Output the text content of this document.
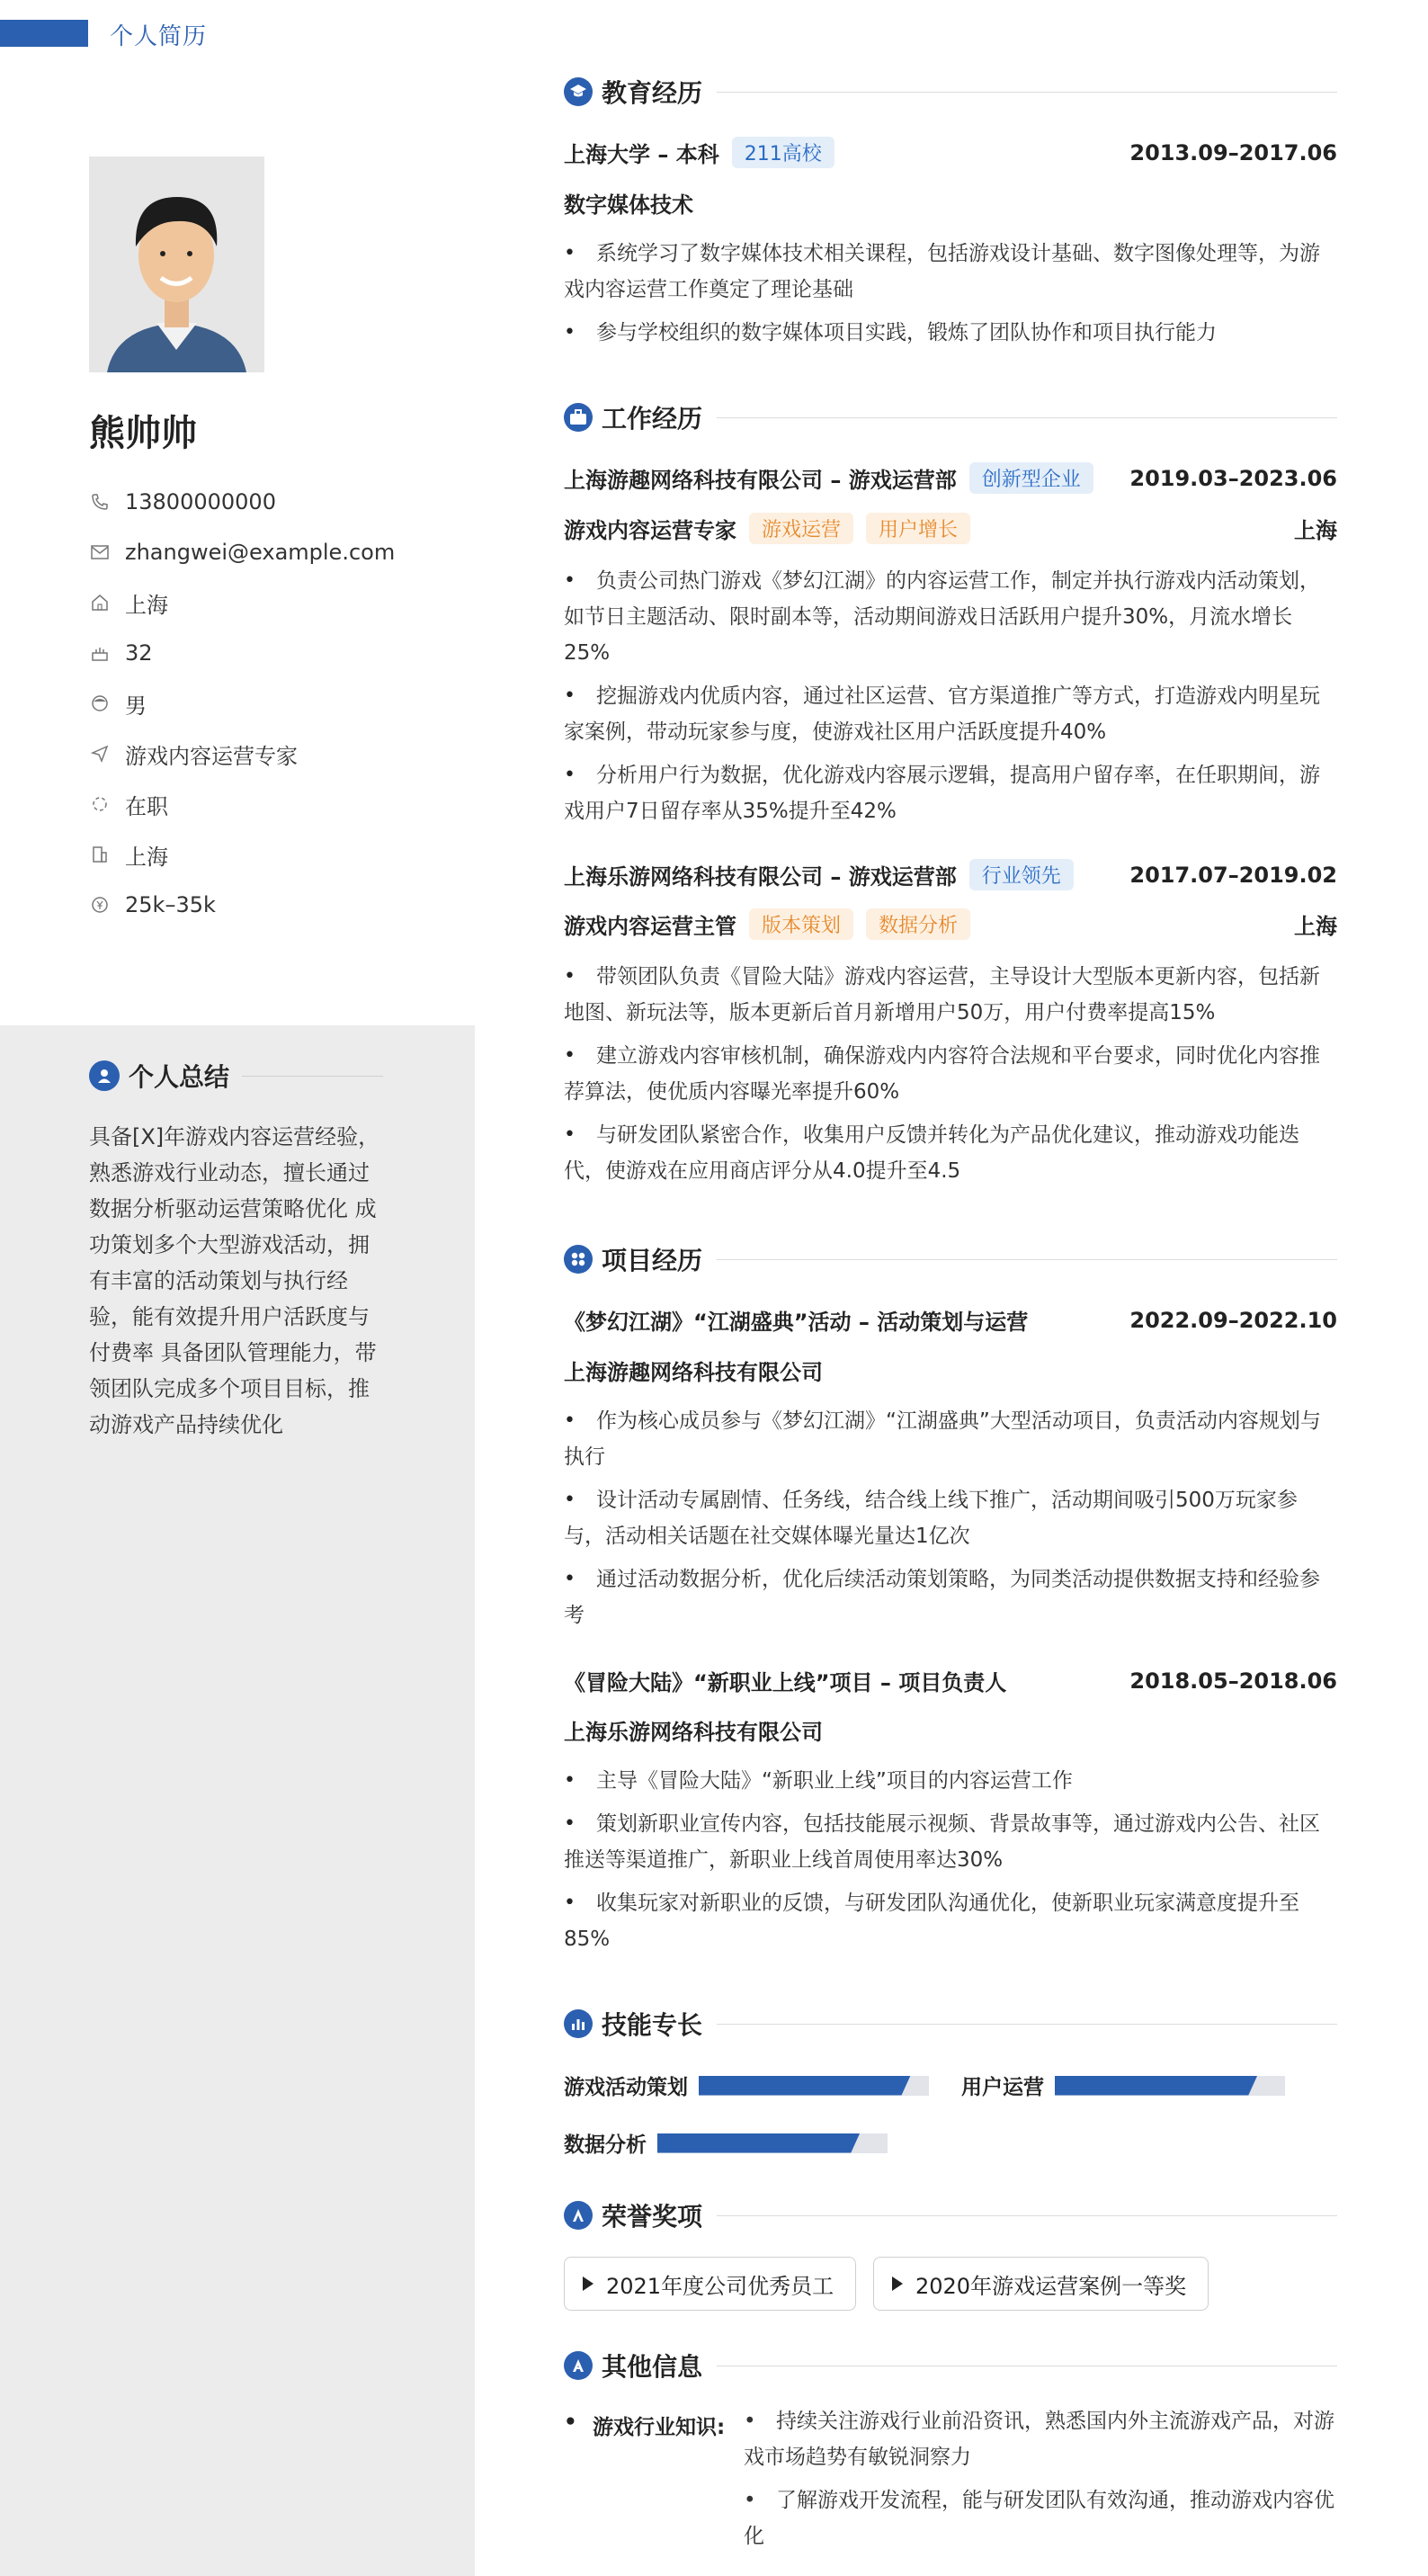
个人简历
熊帅帅
13800000000
zhangwei@example.com
上海
32
男
游戏内容运营专家
在职
上海
25k–35k
个人总结
具备[X]年游戏内容运营经验，熟悉游戏行业动态，擅长通过数据分析驱动运营策略优化 成功策划多个大型游戏活动，拥有丰富的活动策划与执行经验，能有效提升用户活跃度与付费率 具备团队管理能力，带领团队完成多个项目目标，推动游戏产品持续优化
教育经历
上海大学 – 本科	211高校	2013.09–2017.06
数字媒体技术
• 系统学习了数字媒体技术相关课程，包括游戏设计基础、数字图像处理等，为游戏内容运营工作奠定了理论基础
• 参与学校组织的数字媒体项目实践，锻炼了团队协作和项目执行能力
工作经历
上海游趣网络科技有限公司 – 游戏运营部	创新型企业	2019.03–2023.06
游戏内容运营专家	游戏运营	用户增长	上海
• 负责公司热门游戏《梦幻江湖》的内容运营工作，制定并执行游戏内活动策划，如节日主题活动、限时副本等，活动期间游戏日活跃用户提升30%，月流水增长25%
• 挖掘游戏内优质内容，通过社区运营、官方渠道推广等方式，打造游戏内明星玩家案例，带动玩家参与度，使游戏社区用户活跃度提升40%
• 分析用户行为数据，优化游戏内容展示逻辑，提高用户留存率，在任职期间，游戏用户7日留存率从35%提升至42%
上海乐游网络科技有限公司 – 游戏运营部	行业领先	2017.07–2019.02
游戏内容运营主管	版本策划	数据分析	上海
• 带领团队负责《冒险大陆》游戏内容运营，主导设计大型版本更新内容，包括新地图、新玩法等，版本更新后首月新增用户50万，用户付费率提高15%
• 建立游戏内容审核机制，确保游戏内内容符合法规和平台要求，同时优化内容推荐算法，使优质内容曝光率提升60%
• 与研发团队紧密合作，收集用户反馈并转化为产品优化建议，推动游戏功能迭代，使游戏在应用商店评分从4.0提升至4.5
项目经历
《梦幻江湖》“江湖盛典”活动 – 活动策划与运营	2022.09–2022.10
上海游趣网络科技有限公司
• 作为核心成员参与《梦幻江湖》“江湖盛典”大型活动项目，负责活动内容规划与执行
• 设计活动专属剧情、任务线，结合线上线下推广，活动期间吸引500万玩家参与，活动相关话题在社交媒体曝光量达1亿次
• 通过活动数据分析，优化后续活动策划策略，为同类活动提供数据支持和经验参考
《冒险大陆》“新职业上线”项目 – 项目负责人	2018.05–2018.06
上海乐游网络科技有限公司
• 主导《冒险大陆》“新职业上线”项目的内容运营工作
• 策划新职业宣传内容，包括技能展示视频、背景故事等，通过游戏内公告、社区推送等渠道推广，新职业上线首周使用率达30%
• 收集玩家对新职业的反馈，与研发团队沟通优化，使新职业玩家满意度提升至85%
技能专长
游戏活动策划	用户运营
数据分析
荣誉奖项
2021年度公司优秀员工	2020年游戏运营案例一等奖
其他信息
• 游戏行业知识:
•	持续关注游戏行业前沿资讯，熟悉国内外主流游戏产品，对游戏市场趋势有敏锐洞察力
• 了解游戏开发流程，能与研发团队有效沟通，推动游戏内容优化
